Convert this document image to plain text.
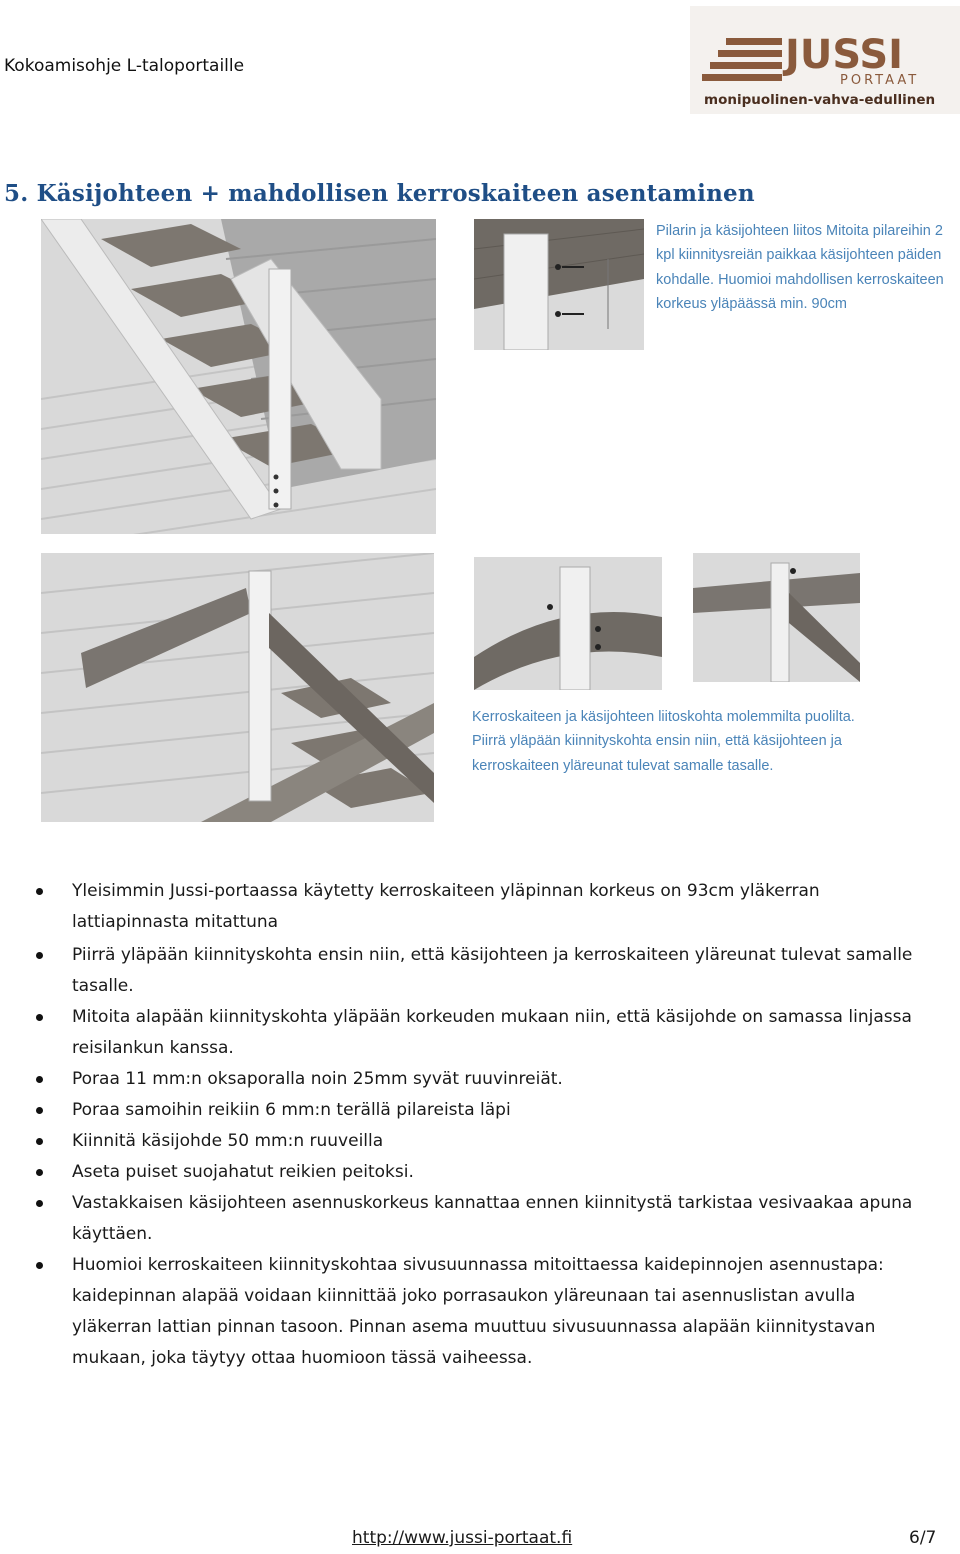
Kokoamisohje L-taloportaille	JUSSI
PORTAAT
monipuolinen-vahva-edullinen
5. Käsijohteen + mahdollisen kerroskaiteen asentaminen
Pilarin ja käsijohteen liitos Mitoita pilareihin 2 kpl kiinnitysreiän paikkaa käsijohteen päiden kohdalle. Huomioi mahdollisen kerroskaiteen korkeus yläpäässä min. 90cm
Kerroskaiteen ja käsijohteen liitoskohta molemmilta puolilta. Piirrä yläpään kiinnityskohta ensin niin, että käsijohteen ja kerroskaiteen yläreunat tulevat samalle tasalle.
Yleisimmin Jussi-portaassa käytetty kerroskaiteen yläpinnan korkeus on 93cm yläkerran lattiapinnasta mitattuna
Piirrä yläpään kiinnityskohta ensin niin, että käsijohteen ja kerroskaiteen yläreunat tulevat samalle tasalle.
Mitoita alapään kiinnityskohta yläpään korkeuden mukaan niin, että käsijohde on samassa linjassa reisilankun kanssa.
Poraa 11 mm:n oksaporalla noin 25mm syvät ruuvinreiät.
Poraa samoihin reikiin 6 mm:n terällä pilareista läpi
Kiinnitä käsijohde 50 mm:n ruuveilla
Aseta puiset suojahatut reikien peitoksi.
Vastakkaisen käsijohteen asennuskorkeus kannattaa ennen kiinnitystä tarkistaa vesivaakaa apuna käyttäen.
Huomioi kerroskaiteen kiinnityskohtaa sivusuunnassa mitoittaessa kaidepinnojen asennustapa: kaidepinnan alapää voidaan kiinnittää joko porrasaukon yläreunaan tai asennuslistan avulla yläkerran lattian pinnan tasoon. Pinnan asema muuttuu sivusuunnassa alapään kiinnitystavan mukaan, joka täytyy ottaa huomioon tässä vaiheessa.
http://www.jussi-portaat.fi	6/7
